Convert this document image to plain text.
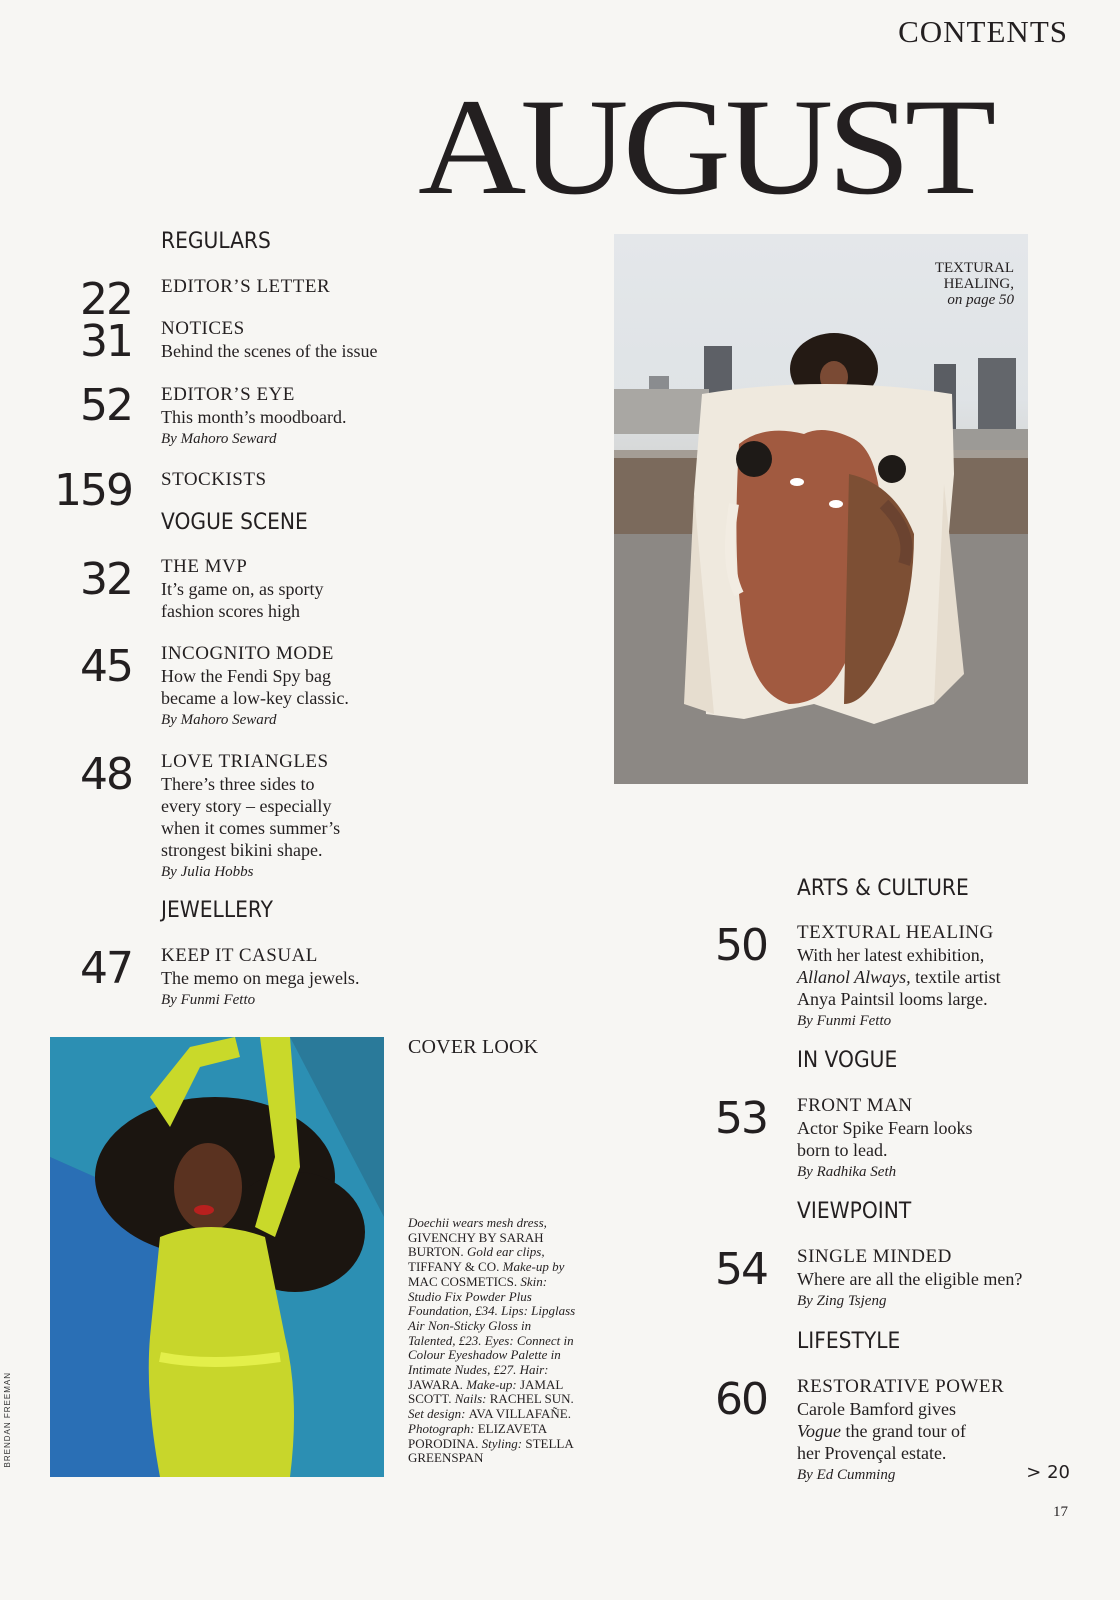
CONTENTS
AUGUST
REGULARS
22 EDITOR’S LETTER
31 NOTICES
Behind the scenes of the issue
52 EDITOR’S EYE
This month’s moodboard.
By Mahoro Seward
159 STOCKISTS
VOGUE SCENE
32 THE MVP
It’s game on, as sporty
fashion scores high
45 INCOGNITO MODE
How the Fendi Spy bag
became a low-key classic.
By Mahoro Seward
48 LOVE TRIANGLES
There’s three sides to
every story – especially
when it comes summer’s
strongest bikini shape.
By Julia Hobbs
JEWELLERY
47 KEEP IT CASUAL
The memo on mega jewels.
By Funmi Fetto
TEXTURAL
HEALING,
on page 50
ARTS & CULTURE
50 TEXTURAL HEALING
With her latest exhibition,
Allanol Always, textile artist
Anya Paintsil looms large.
By Funmi Fetto
IN VOGUE
53 FRONT MAN
Actor Spike Fearn looks
born to lead.
By Radhika Seth
VIEWPOINT
54 SINGLE MINDED
Where are all the eligible men?
By Zing Tsjeng
LIFESTYLE
60 RESTORATIVE POWER
Carole Bamford gives
Vogue the grand tour of
her Provençal estate.
By Ed Cumming
COVER LOOK
Doechii wears mesh dress, GIVENCHY BY SARAH BURTON. Gold ear clips, TIFFANY & CO. Make-up by MAC COSMETICS. Skin: Studio Fix Powder Plus Foundation, £34. Lips: Lipglass Air Non-Sticky Gloss in Talented, £23. Eyes: Connect in Colour Eyeshadow Palette in Intimate Nudes, £27. Hair: JAWARA. Make-up: JAMAL SCOTT. Nails: RACHEL SUN. Set design: AVA VILLAFAÑE. Photograph: ELIZAVETA PORODINA. Styling: STELLA GREENSPAN
BRENDAN FREEMAN
> 20
17
